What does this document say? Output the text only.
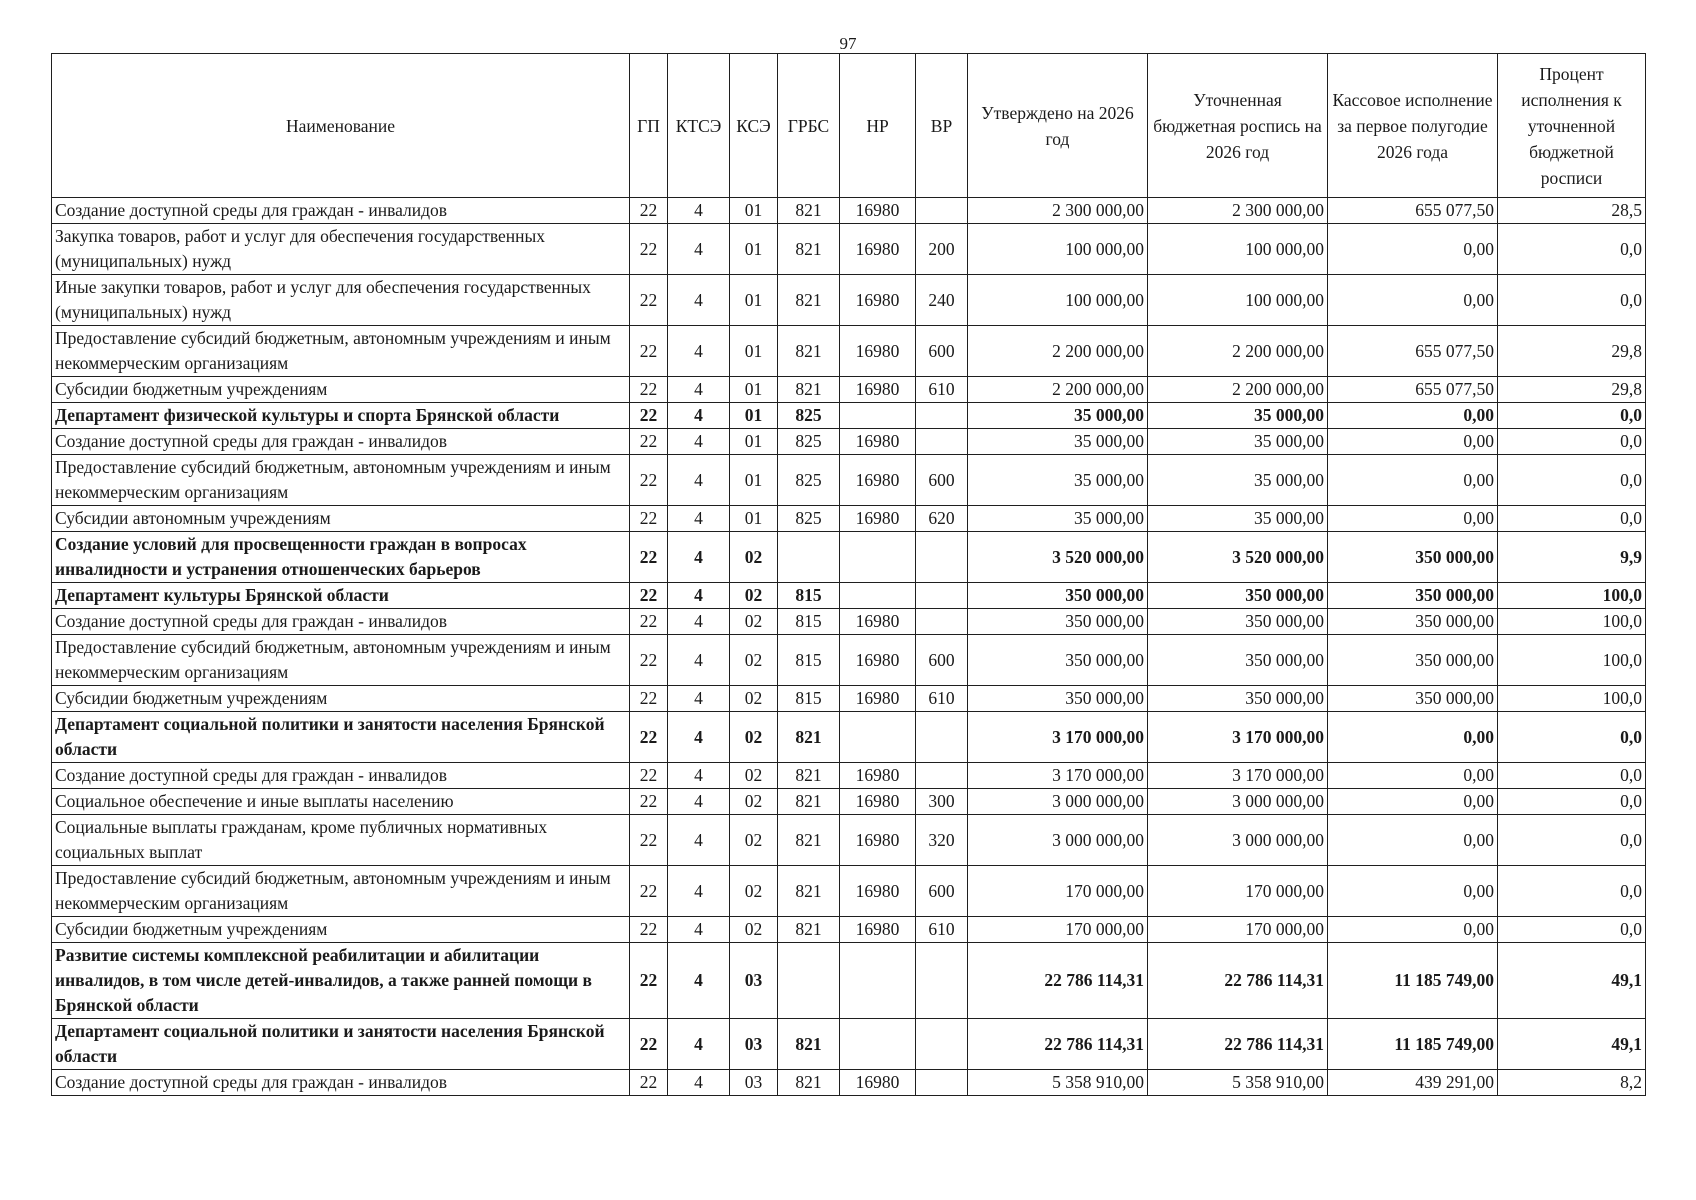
97
Наименование	ГП	КТСЭ	КСЭ	ГРБС	НР	ВР	Утверждено на 2026 год	Уточненная бюджетная роспись на 2026 год	Кассовое исполнение за первое полугодие 2026 года	Процент исполнения к уточненной бюджетной росписи
Создание доступной среды для граждан - инвалидов	22	4	01	821	16980		2 300 000,00	2 300 000,00	655 077,50	28,5
Закупка товаров, работ и услуг для обеспечения государственных (муниципальных) нужд	22	4	01	821	16980	200	100 000,00	100 000,00	0,00	0,0
Иные закупки товаров, работ и услуг для обеспечения государственных (муниципальных) нужд	22	4	01	821	16980	240	100 000,00	100 000,00	0,00	0,0
Предоставление субсидий бюджетным, автономным учреждениям и иным некоммерческим организациям	22	4	01	821	16980	600	2 200 000,00	2 200 000,00	655 077,50	29,8
Субсидии бюджетным учреждениям	22	4	01	821	16980	610	2 200 000,00	2 200 000,00	655 077,50	29,8
Департамент физической культуры и спорта Брянской области	22	4	01	825			35 000,00	35 000,00	0,00	0,0
Создание доступной среды для граждан - инвалидов	22	4	01	825	16980		35 000,00	35 000,00	0,00	0,0
Предоставление субсидий бюджетным, автономным учреждениям и иным некоммерческим организациям	22	4	01	825	16980	600	35 000,00	35 000,00	0,00	0,0
Субсидии автономным учреждениям	22	4	01	825	16980	620	35 000,00	35 000,00	0,00	0,0
Создание условий для просвещенности граждан в вопросах инвалидности и устранения отношенческих барьеров	22	4	02				3 520 000,00	3 520 000,00	350 000,00	9,9
Департамент культуры Брянской области	22	4	02	815			350 000,00	350 000,00	350 000,00	100,0
Создание доступной среды для граждан - инвалидов	22	4	02	815	16980		350 000,00	350 000,00	350 000,00	100,0
Предоставление субсидий бюджетным, автономным учреждениям и иным некоммерческим организациям	22	4	02	815	16980	600	350 000,00	350 000,00	350 000,00	100,0
Субсидии бюджетным учреждениям	22	4	02	815	16980	610	350 000,00	350 000,00	350 000,00	100,0
Департамент социальной политики и занятости населения Брянской области	22	4	02	821			3 170 000,00	3 170 000,00	0,00	0,0
Создание доступной среды для граждан - инвалидов	22	4	02	821	16980		3 170 000,00	3 170 000,00	0,00	0,0
Социальное обеспечение и иные выплаты населению	22	4	02	821	16980	300	3 000 000,00	3 000 000,00	0,00	0,0
Социальные выплаты гражданам, кроме публичных нормативных социальных выплат	22	4	02	821	16980	320	3 000 000,00	3 000 000,00	0,00	0,0
Предоставление субсидий бюджетным, автономным учреждениям и иным некоммерческим организациям	22	4	02	821	16980	600	170 000,00	170 000,00	0,00	0,0
Субсидии бюджетным учреждениям	22	4	02	821	16980	610	170 000,00	170 000,00	0,00	0,0
Развитие системы комплексной реабилитации и абилитации инвалидов, в том числе детей-инвалидов, а также ранней помощи в Брянской области	22	4	03				22 786 114,31	22 786 114,31	11 185 749,00	49,1
Департамент социальной политики и занятости населения Брянской области	22	4	03	821			22 786 114,31	22 786 114,31	11 185 749,00	49,1
Создание доступной среды для граждан - инвалидов	22	4	03	821	16980		5 358 910,00	5 358 910,00	439 291,00	8,2
